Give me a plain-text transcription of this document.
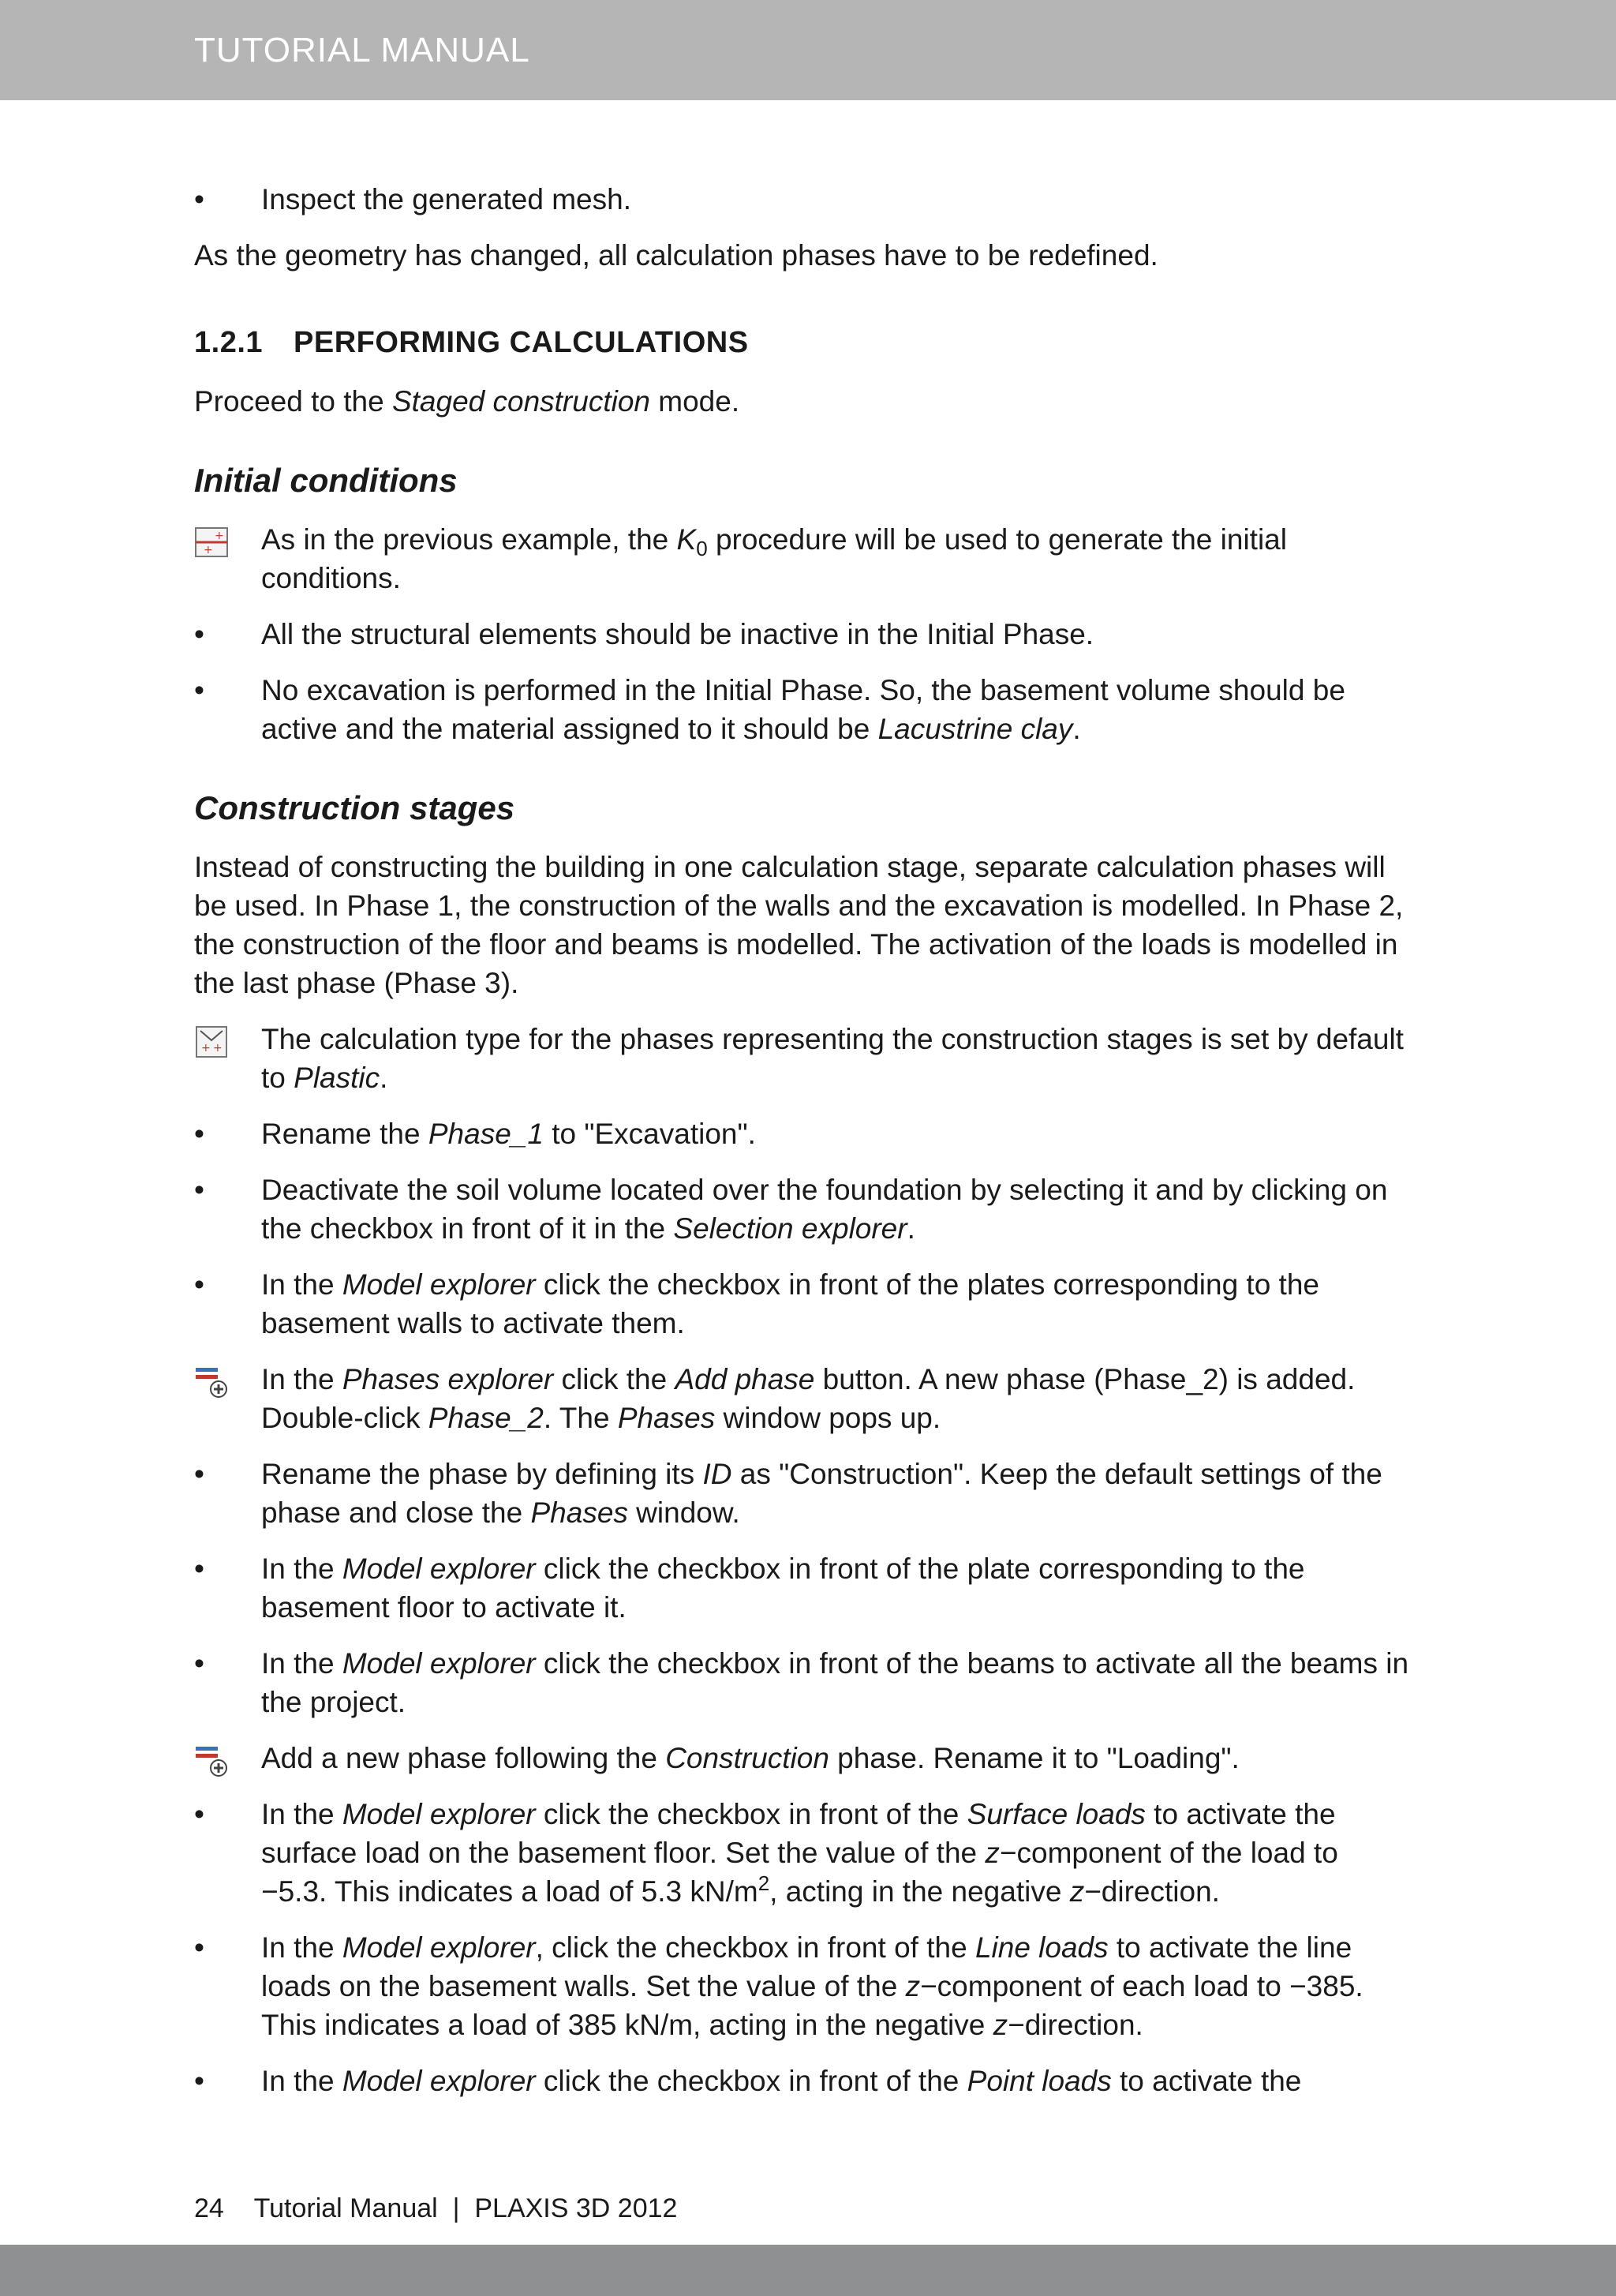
TUTORIAL MANUAL
•	Inspect the generated mesh.

As the geometry has changed, all calculation phases have to be redefined.

1.2.1 PERFORMING CALCULATIONS

Proceed to the Staged construction mode.

Initial conditions
+
+ As in the previous example, the $K_0$ procedure will be used to generate the initial conditions.
•	All the structural elements should be inactive in the Initial Phase.
•	No excavation is performed in the Initial Phase. So, the basement volume should be active and the material assigned to it should be Lacustrine clay.
Construction stages

Instead of constructing the building in one calculation stage, separate calculation phases will be used. In Phase 1, the construction of the walls and the excavation is modelled. In Phase 2, the construction of the floor and beams is modelled. The activation of the loads is modelled in the last phase (Phase 3).

+ + The calculation type for the phases representing the construction stages is set by default to Plastic.
•	Rename the Phase_1 to "Excavation".
•	Deactivate the soil volume located over the foundation by selecting it and by clicking on the checkbox in front of it in the Selection explorer.
•	In the Model explorer click the checkbox in front of the plates corresponding to the basement walls to activate them.
In the Phases explorer click the Add phase button. A new phase (Phase_2) is added. Double-click Phase_2. The Phases window pops up.
•	Rename the phase by defining its ID as "Construction". Keep the default settings of the phase and close the Phases window.
•	In the Model explorer click the checkbox in front of the plate corresponding to the basement floor to activate it.
•	In the Model explorer click the checkbox in front of the beams to activate all the beams in the project.
Add a new phase following the Construction phase. Rename it to "Loading".
•	In the Model explorer click the checkbox in front of the Surface loads to activate the surface load on the basement floor. Set the value of the z−component of the load to −5.3. This indicates a load of 5.3 $kN/m^2$, acting in the negative z−direction.
•	In the Model explorer, click the checkbox in front of the Line loads to activate the line loads on the basement walls. Set the value of the z−component of each load to −385. This indicates a load of 385 kN/m, acting in the negative z−direction.
•	In the Model explorer click the checkbox in front of the Point loads to activate the
24 Tutorial Manual | PLAXIS 3D 2012
